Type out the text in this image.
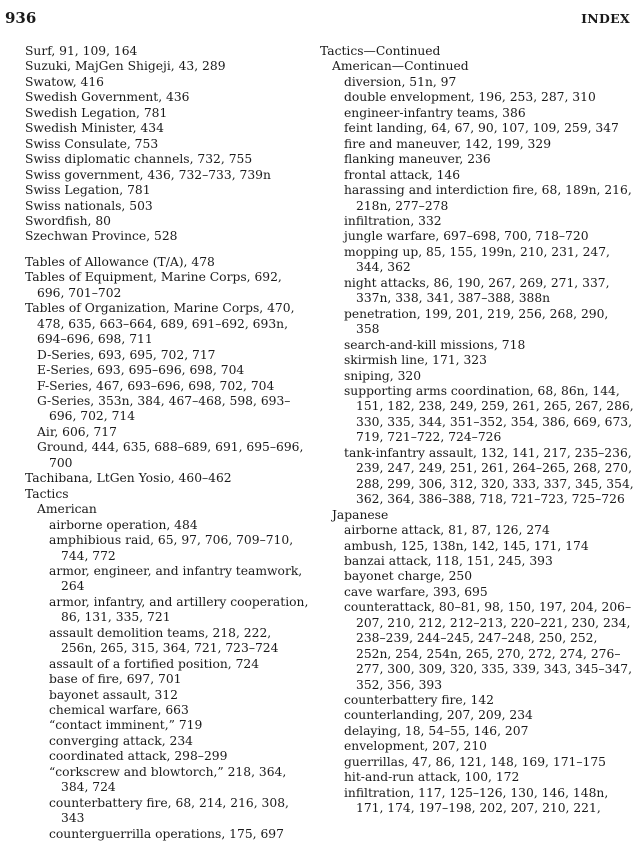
936	INDEX
Surf, 91, 109, 164
Suzuki, MajGen Shigeji, 43, 289
Swatow, 416
Swedish Government, 436
Swedish Legation, 781
Swedish Minister, 434
Swiss Consulate, 753
Swiss diplomatic channels, 732, 755
Swiss government, 436, 732–733, 739n
Swiss Legation, 781
Swiss nationals, 503
Swordfish, 80
Szechwan Province, 528
Tables of Allowance (T/A), 478
Tables of Equipment, Marine Corps, 692, 696, 701–702
Tables of Organization, Marine Corps, 470, 478, 635, 663–664, 689, 691–692, 693n, 694–696, 698, 711
D-Series, 693, 695, 702, 717
E-Series, 693, 695–696, 698, 704
F-Series, 467, 693–696, 698, 702, 704
G-Series, 353n, 384, 467–468, 598, 693–696, 702, 714
Air, 606, 717
Ground, 444, 635, 688–689, 691, 695–696, 700
Tachibana, LtGen Yosio, 460–462
Tactics
American
airborne operation, 484
amphibious raid, 65, 97, 706, 709–710, 744, 772
armor, engineer, and infantry teamwork, 264
armor, infantry, and artillery cooperation, 86, 131, 335, 721
assault demolition teams, 218, 222, 256n, 265, 315, 364, 721, 723–724
assault of a fortified position, 724
base of fire, 697, 701
bayonet assault, 312
chemical warfare, 663
“contact imminent,” 719
converging attack, 234
coordinated attack, 298–299
“corkscrew and blowtorch,” 218, 364, 384, 724
counterbattery fire, 68, 214, 216, 308, 343
counterguerrilla operations, 175, 697
Tactics—Continued
American—Continued
diversion, 51n, 97
double envelopment, 196, 253, 287, 310
engineer-infantry teams, 386
feint landing, 64, 67, 90, 107, 109, 259, 347
fire and maneuver, 142, 199, 329
flanking maneuver, 236
frontal attack, 146
harassing and interdiction fire, 68, 189n, 216, 218n, 277–278
infiltration, 332
jungle warfare, 697–698, 700, 718–720
mopping up, 85, 155, 199n, 210, 231, 247, 344, 362
night attacks, 86, 190, 267, 269, 271, 337, 337n, 338, 341, 387–388, 388n
penetration, 199, 201, 219, 256, 268, 290, 358
search-and-kill missions, 718
skirmish line, 171, 323
sniping, 320
supporting arms coordination, 68, 86n, 144, 151, 182, 238, 249, 259, 261, 265, 267, 286, 330, 335, 344, 351–352, 354, 386, 669, 673, 719, 721–722, 724–726
tank-infantry assault, 132, 141, 217, 235–236, 239, 247, 249, 251, 261, 264–265, 268, 270, 288, 299, 306, 312, 320, 333, 337, 345, 354, 362, 364, 386–388, 718, 721–723, 725–726
Japanese
airborne attack, 81, 87, 126, 274
ambush, 125, 138n, 142, 145, 171, 174
banzai attack, 118, 151, 245, 393
bayonet charge, 250
cave warfare, 393, 695
counterattack, 80–81, 98, 150, 197, 204, 206–207, 210, 212, 212–213, 220–221, 230, 234, 238–239, 244–245, 247–248, 250, 252, 252n, 254, 254n, 265, 270, 272, 274, 276–277, 300, 309, 320, 335, 339, 343, 345–347, 352, 356, 393
counterbattery fire, 142
counterlanding, 207, 209, 234
delaying, 18, 54–55, 146, 207
envelopment, 207, 210
guerrillas, 47, 86, 121, 148, 169, 171–175
hit-and-run attack, 100, 172
infiltration, 117, 125–126, 130, 146, 148n, 171, 174, 197–198, 202, 207, 210, 221,
